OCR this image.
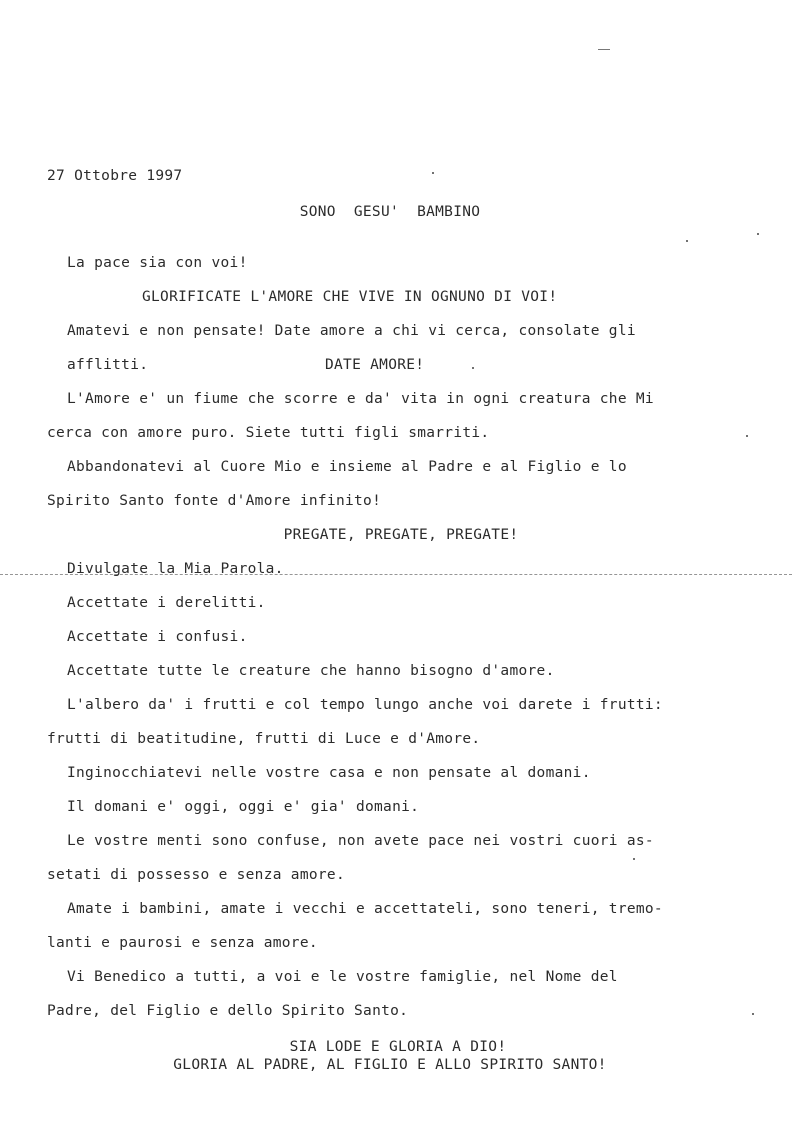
27 Ottobre 1997
SONO  GESU'  BAMBINO
La pace sia con voi!
GLORIFICATE L'AMORE CHE VIVE IN OGNUNO DI VOI!
Amatevi e non pensate! Date amore a chi vi cerca, consolate gli
afflitti.	DATE AMORE!
L'Amore e' un fiume che scorre e da' vita in ogni creatura che Mi
cerca con amore puro. Siete tutti figli smarriti.
Abbandonatevi al Cuore Mio e insieme al Padre e al Figlio e lo
Spirito Santo fonte d'Amore infinito!
PREGATE, PREGATE, PREGATE!
Divulgate la Mia Parola.
Accettate i derelitti.
Accettate i confusi.
Accettate tutte le creature che hanno bisogno d'amore.
L'albero da' i frutti e col tempo lungo anche voi darete i frutti:
frutti di beatitudine, frutti di Luce e d'Amore.
Inginocchiatevi nelle vostre casa e non pensate al domani.
Il domani e' oggi, oggi e' gia' domani.
Le vostre menti sono confuse, non avete pace nei vostri cuori as-
setati di possesso e senza amore.
Amate i bambini, amate i vecchi e accettateli, sono teneri, tremo-
lanti e paurosi e senza amore.
Vi Benedico a tutti, a voi e le vostre famiglie, nel Nome del
Padre, del Figlio e dello Spirito Santo.
SIA LODE E GLORIA A DIO!
GLORIA AL PADRE, AL FIGLIO E ALLO SPIRITO SANTO!
